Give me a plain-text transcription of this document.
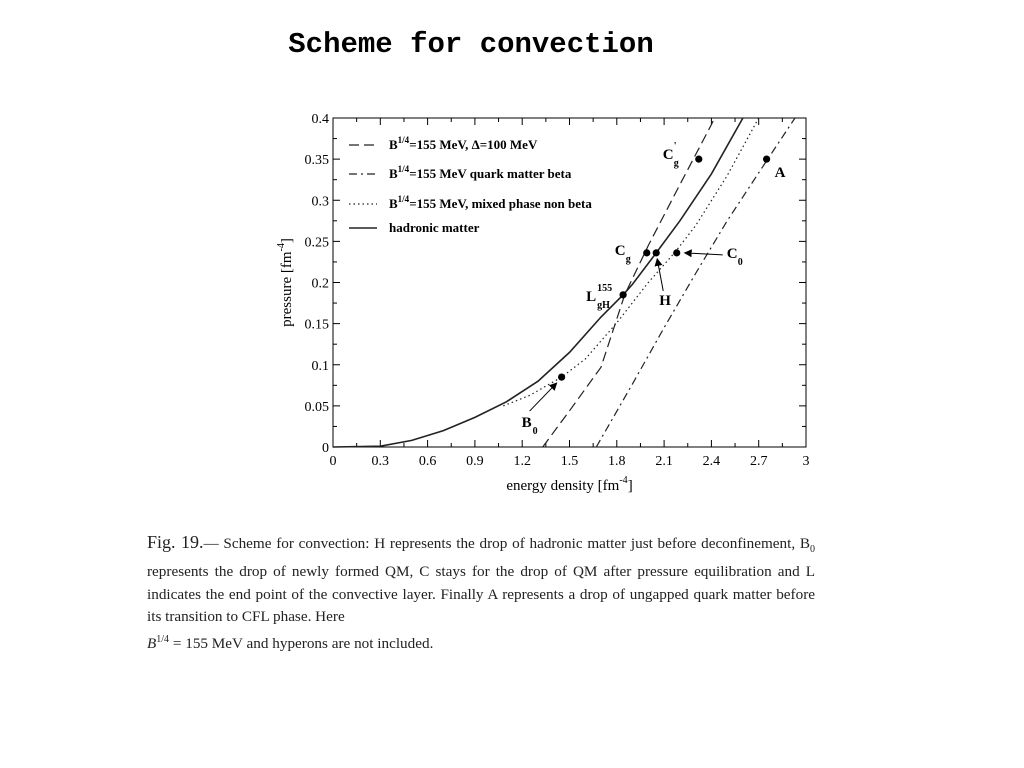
Scheme for convection
0	0.3 0.6 0.9 1.2 1.5 1.8 2.1 2.4 2.7	3
0
0.05
0.1
0.15
0.2
0.25
0.3
0.35
0.4
C
g
'
A
C
g
H
C
0
L
gH
155
B
0
$B^{1/4}=155$ MeV, Δ=100 MeV
$B^{1/4}=155$ MeV quark matter beta
$B^{1/4}=155$ MeV, mixed phase non beta
hadronic matter
energy density $[fm^{-4}]$
pressure $[fm^{-4}]$
Fig. 19.— Scheme for convection: H represents the drop of hadronic matter just before deconfinement, $B_0$ represents the drop of newly formed QM, C stays for the drop of QM after pressure equilibration and L indicates the end point of the convective layer. Finally A represents a drop of ungapped quark matter before its transition to CFL phase. Here
$B^{1/4} = 155$ MeV and hyperons are not included.
